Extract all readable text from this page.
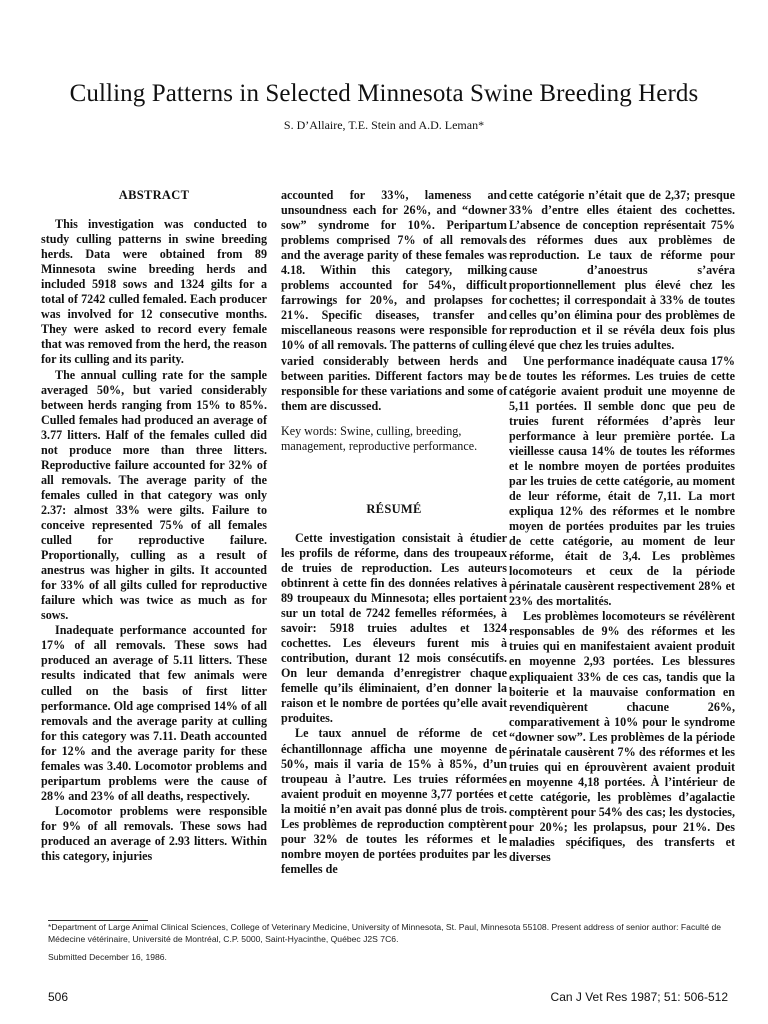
Culling Patterns in Selected Minnesota Swine Breeding Herds
S. D’Allaire, T.E. Stein and A.D. Leman*
ABSTRACT

This investigation was conducted to study culling patterns in swine breeding herds. Data were obtained from 89 Minnesota swine breeding herds and included 5918 sows and 1324 gilts for a total of 7242 culled femaled. Each producer was involved for 12 consecutive months. They were asked to record every female that was removed from the herd, the reason for its culling and its parity.

The annual culling rate for the sample averaged 50%, but varied considerably between herds ranging from 15% to 85%. Culled females had produced an average of 3.77 litters. Half of the females culled did not produce more than three litters. Reproductive failure accounted for 32% of all removals. The average parity of the females culled in that category was only 2.37: almost 33% were gilts. Failure to conceive represented 75% of all females culled for reproductive failure. Proportionally, culling as a result of anestrus was higher in gilts. It accounted for 33% of all gilts culled for reproductive failure which was twice as much as for sows.

Inadequate performance accounted for 17% of all removals. These sows had produced an average of 5.11 litters. These results indicated that few animals were culled on the basis of first litter performance. Old age comprised 14% of all removals and the average parity at culling for this category was 7.11. Death accounted for 12% and the average parity for these females was 3.40. Locomotor problems and peripartum problems were the cause of 28% and 23% of all deaths, respectively.

Locomotor problems were responsible for 9% of all removals. These sows had produced an average of 2.93 litters. Within this category, injuries

accounted for 33%, lameness and unsoundness each for 26%, and “downer sow” syndrome for 10%. Peripartum problems comprised 7% of all removals and the average parity of these females was 4.18. Within this category, milking problems accounted for 54%, difficult farrowings for 20%, and prolapses for 21%. Specific diseases, transfer and miscellaneous reasons were responsible for 10% of all removals. The patterns of culling varied considerably between herds and between parities. Different factors may be responsible for these variations and some of them are discussed.

Key words: Swine, culling, breeding, management, reproductive performance.
RÉSUMÉ

Cette investigation consistait à étudier les profils de réforme, dans des troupeaux de truies de reproduction. Les auteurs obtinrent à cette fin des données relatives à 89 troupeaux du Minnesota; elles portaient sur un total de 7242 femelles réformées, à savoir: 5918 truies adultes et 1324 cochettes. Les éleveurs furent mis à contribution, durant 12 mois consécutifs. On leur demanda d’enregistrer chaque femelle qu’ils éliminaient, d’en donner la raison et le nombre de portées qu’elle avait produites.

Le taux annuel de réforme de cet échantillonnage afficha une moyenne de 50%, mais il varia de 15% à 85%, d’un troupeau à l’autre. Les truies réformées avaient produit en moyenne 3,77 portées et la moitié n’en avait pas donné plus de trois. Les problèmes de reproduction comptèrent pour 32% de toutes les réformes et le nombre moyen de portées produites par les femelles de

cette catégorie n’était que de 2,37; presque 33% d’entre elles étaient des cochettes. L’absence de conception représentait 75% des réformes dues aux problèmes de reproduction. Le taux de réforme pour cause d’anoestrus s’avéra proportionnellement plus élevé chez les cochettes; il correspondait à 33% de toutes celles qu’on élimina pour des problèmes de reproduction et il se révéla deux fois plus élevé que chez les truies adultes.

Une performance inadéquate causa 17% de toutes les réformes. Les truies de cette catégorie avaient produit une moyenne de 5,11 portées. Il semble donc que peu de truies furent réformées d’après leur performance à leur première portée. La vieillesse causa 14% de toutes les réformes et le nombre moyen de portées produites par les truies de cette catégorie, au moment de leur réforme, était de 7,11. La mort expliqua 12% des réformes et le nombre moyen de portées produites par les truies de cette catégorie, au moment de leur réforme, était de 3,4. Les problèmes locomoteurs et ceux de la période périnatale causèrent respectivement 28% et 23% des mortalités.

Les problèmes locomoteurs se révélèrent responsables de 9% des réformes et les truies qui en manifestaient avaient produit en moyenne 2,93 portées. Les blessures expliquaient 33% de ces cas, tandis que la boiterie et la mauvaise conformation en revendiquèrent chacune 26%, comparativement à 10% pour le syndrome “downer sow”. Les problèmes de la période périnatale causèrent 7% des réformes et les truies qui en éprouvèrent avaient produit en moyenne 4,18 portées. À l’intérieur de cette catégorie, les problèmes d’agalactie comptèrent pour 54% des cas; les dystocies, pour 20%; les prolapsus, pour 21%. Des maladies spécifiques, des transferts et diverses

*Department of Large Animal Clinical Sciences, College of Veterinary Medicine, University of Minnesota, St. Paul, Minnesota 55108. Present address of senior author: Faculté de Médecine vétérinaire, Université de Montréal, C.P. 5000, Saint-Hyacinthe, Québec J2S 7C6.
Submitted December 16, 1986.
506	Can J Vet Res 1987; 51: 506-512
